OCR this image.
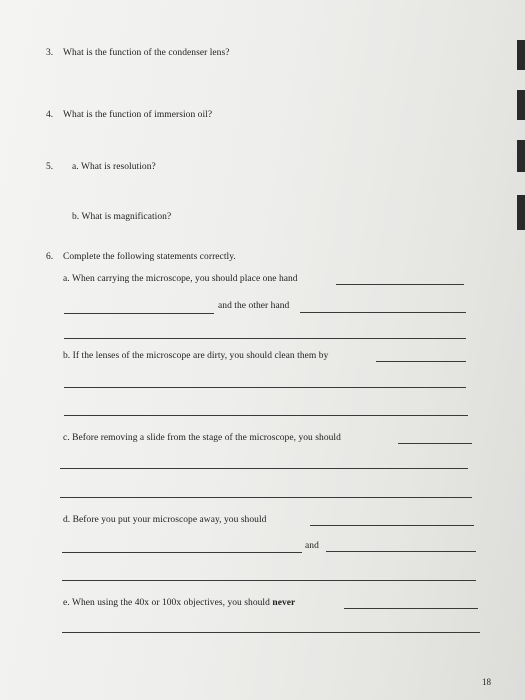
3. What is the function of the condenser lens?
4. What is the function of immersion oil?
5. a. What is resolution?
b. What is magnification?
6. Complete the following statements correctly.
a. When carrying the microscope, you should place one hand
and the other hand
b. If the lenses of the microscope are dirty, you should clean them by
c. Before removing a slide from the stage of the microscope, you should
d. Before you put your microscope away, you should
and
e. When using the 40x or 100x objectives, you should never
18
